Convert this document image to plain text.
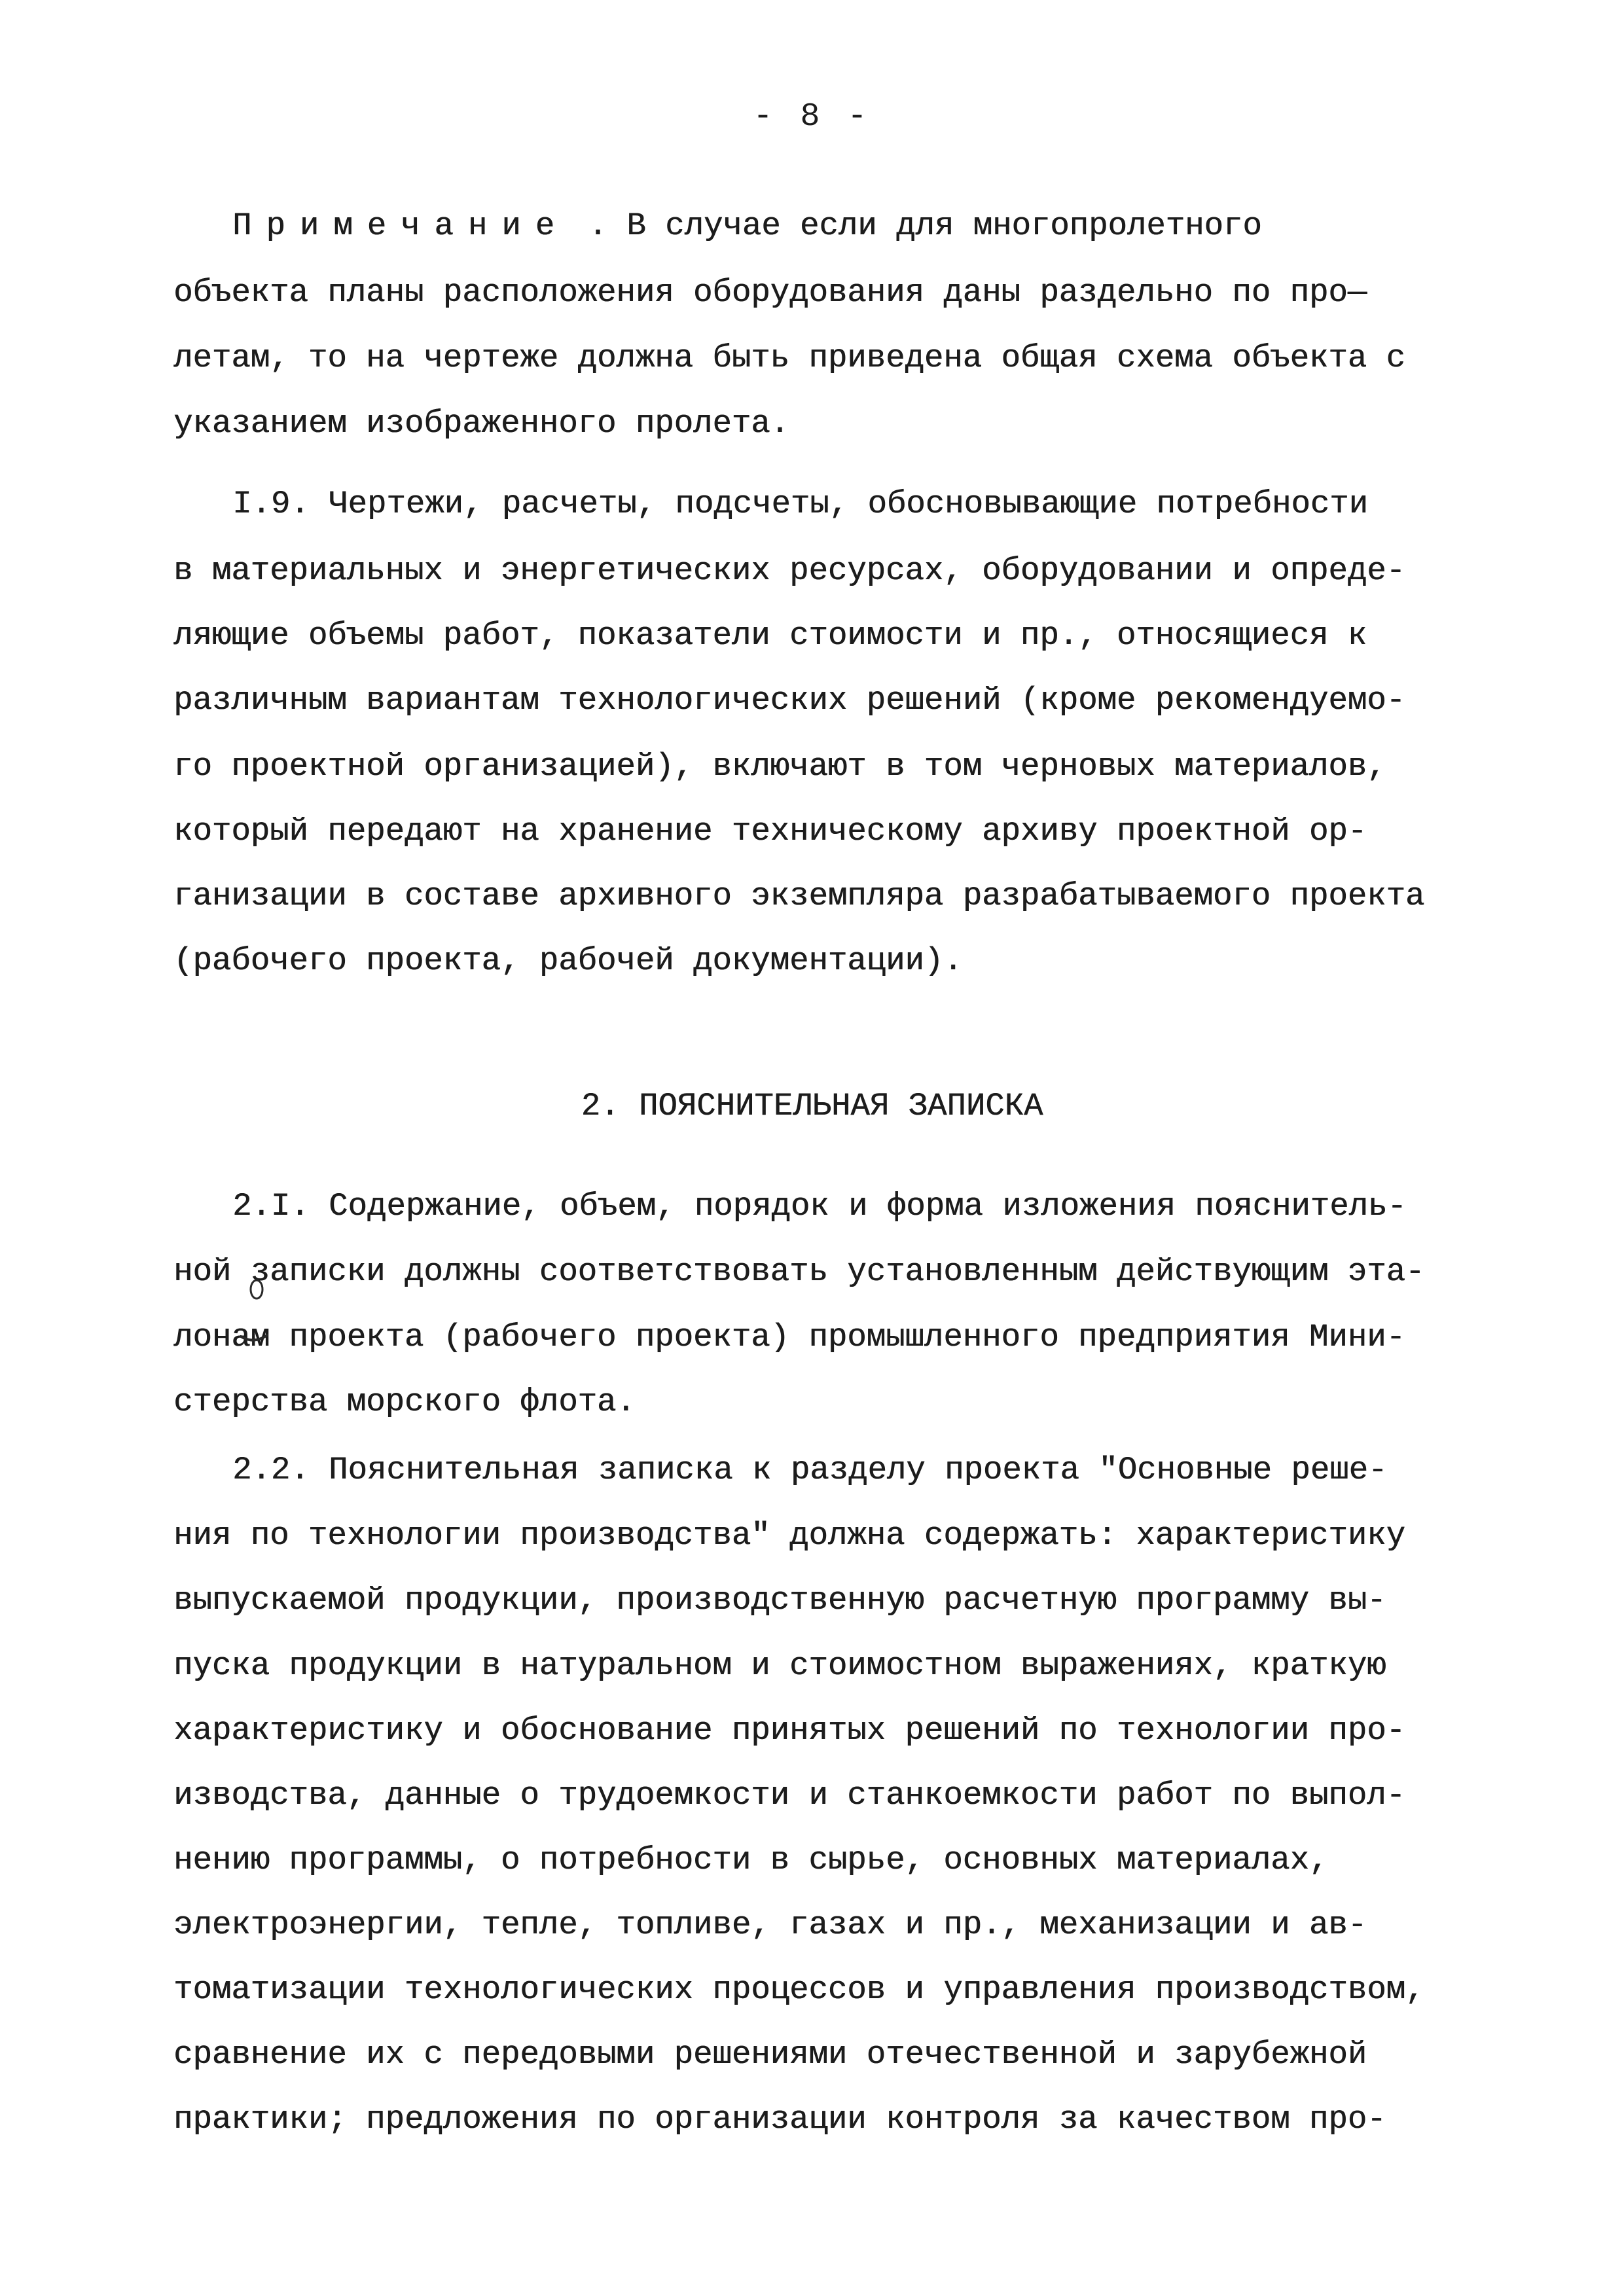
- 8 -
Примечание . В случае если для многопролетного
объекта планы расположения оборудования даны раздельно по про—
летам, то на чертеже должна быть приведена общая схема объекта с
указанием изображенного пролета.
I.9. Чертежи, расчеты, подсчеты, обосновывающие потребности
в материальных и энергетических ресурсах, оборудовании и опреде-
ляющие объемы работ, показатели стоимости и пр., относящиеся к
различным вариантам технологических решений (кроме рекомендуемо-
го проектной организацией), включают в том черновых материалов,
который передают на хранение техническому архиву проектной ор-
ганизации в составе архивного экземпляра разрабатываемого проекта
(рабочего проекта, рабочей документации).
2. ПОЯСНИТЕЛЬНАЯ ЗАПИСКА
2.I. Содержание, объем, порядок и форма изложения пояснитель-
ной записки должны соответствовать установленным действующим эта-
лонам проекта (рабочего проекта) промышленного предприятия Мини-
стерства морского флота.
2.2. Пояснительная записка к разделу проекта "Основные реше-
ния по технологии производства" должна содержать: характеристику
выпускаемой продукции, производственную расчетную программу вы-
пуска продукции в натуральном и стоимостном выражениях, краткую
характеристику и обоснование принятых решений по технологии про-
изводства, данные о трудоемкости и станкоемкости работ по выпол-
нению программы, о потребности в сырье, основных материалах,
электроэнергии, тепле, топливе, газах и пр., механизации и ав-
томатизации технологических процессов и управления производством,
сравнение их с передовыми решениями отечественной и зарубежной
практики; предложения по организации контроля за качеством про-
